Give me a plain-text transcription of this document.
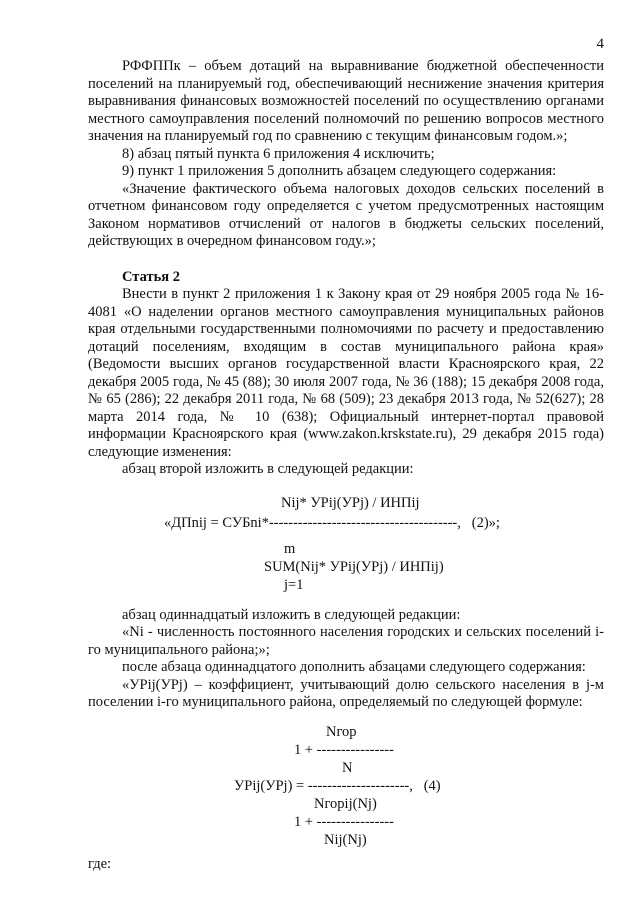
4

РФФППк – объем дотаций на выравнивание бюджетной обеспеченности поселений на планируемый год, обеспечивающий неснижение значения критерия выравнивания финансовых возможностей поселений по осуществлению органами местного самоуправления поселений полномочий по решению вопросов местного значения на планируемый год по сравнению с текущим финансовым годом.»;

8) абзац пятый пункта 6 приложения 4 исключить;

9) пункт 1 приложения 5 дополнить абзацем следующего содержания:

«Значение фактического объема налоговых доходов сельских поселений в отчетном финансовом году определяется с учетом предусмотренных настоящим Законом нормативов отчислений от налогов в бюджеты сельских поселений, действующих в очередном финансовом году.»;

Статья 2

Внести в пункт 2 приложения 1 к Закону края от 29 ноября 2005 года № 16-4081 «О наделении органов местного самоуправления муниципальных районов края отдельными государственными полномочиями по расчету и предоставлению дотаций поселениям, входящим в состав муниципального района края» (Ведомости высших органов государственной власти Красноярского края, 22 декабря 2005 года, № 45 (88); 30 июля 2007 года, № 36 (188); 15 декабря 2008 года, № 65 (286); 22 декабря 2011 года, № 68 (509); 23 декабря 2013 года, № 52(627); 28 марта 2014 года, № 10 (638); Официальный интернет-портал правовой информации Красноярского края (www.zakon.krskstate.ru), 29 декабря 2015 года) следующие изменения:

абзац второй изложить в следующей редакции:

Nij* УPij(УPj) / ИНПij
«ДПnij = СУБni*---------------------------------------,   (2)»;
m
SUM(Nij* УPij(УPj) / ИНПij)
j=1

абзац одиннадцатый изложить в следующей редакции:

«Ni - численность постоянного населения городских и сельских поселений i-го муниципального района;»;

после абзаца одиннадцатого дополнить абзацами следующего содержания:

«УPij(УPj) – коэффициент, учитывающий долю сельского населения в j-м поселении i-го муниципального района, определяемый по следующей формуле:

Nгор
1 + ----------------
N
УPij(УPj) = ---------------------,   (4)
Nгорij(Nj)
1 + ----------------
Nij(Nj)

где:
